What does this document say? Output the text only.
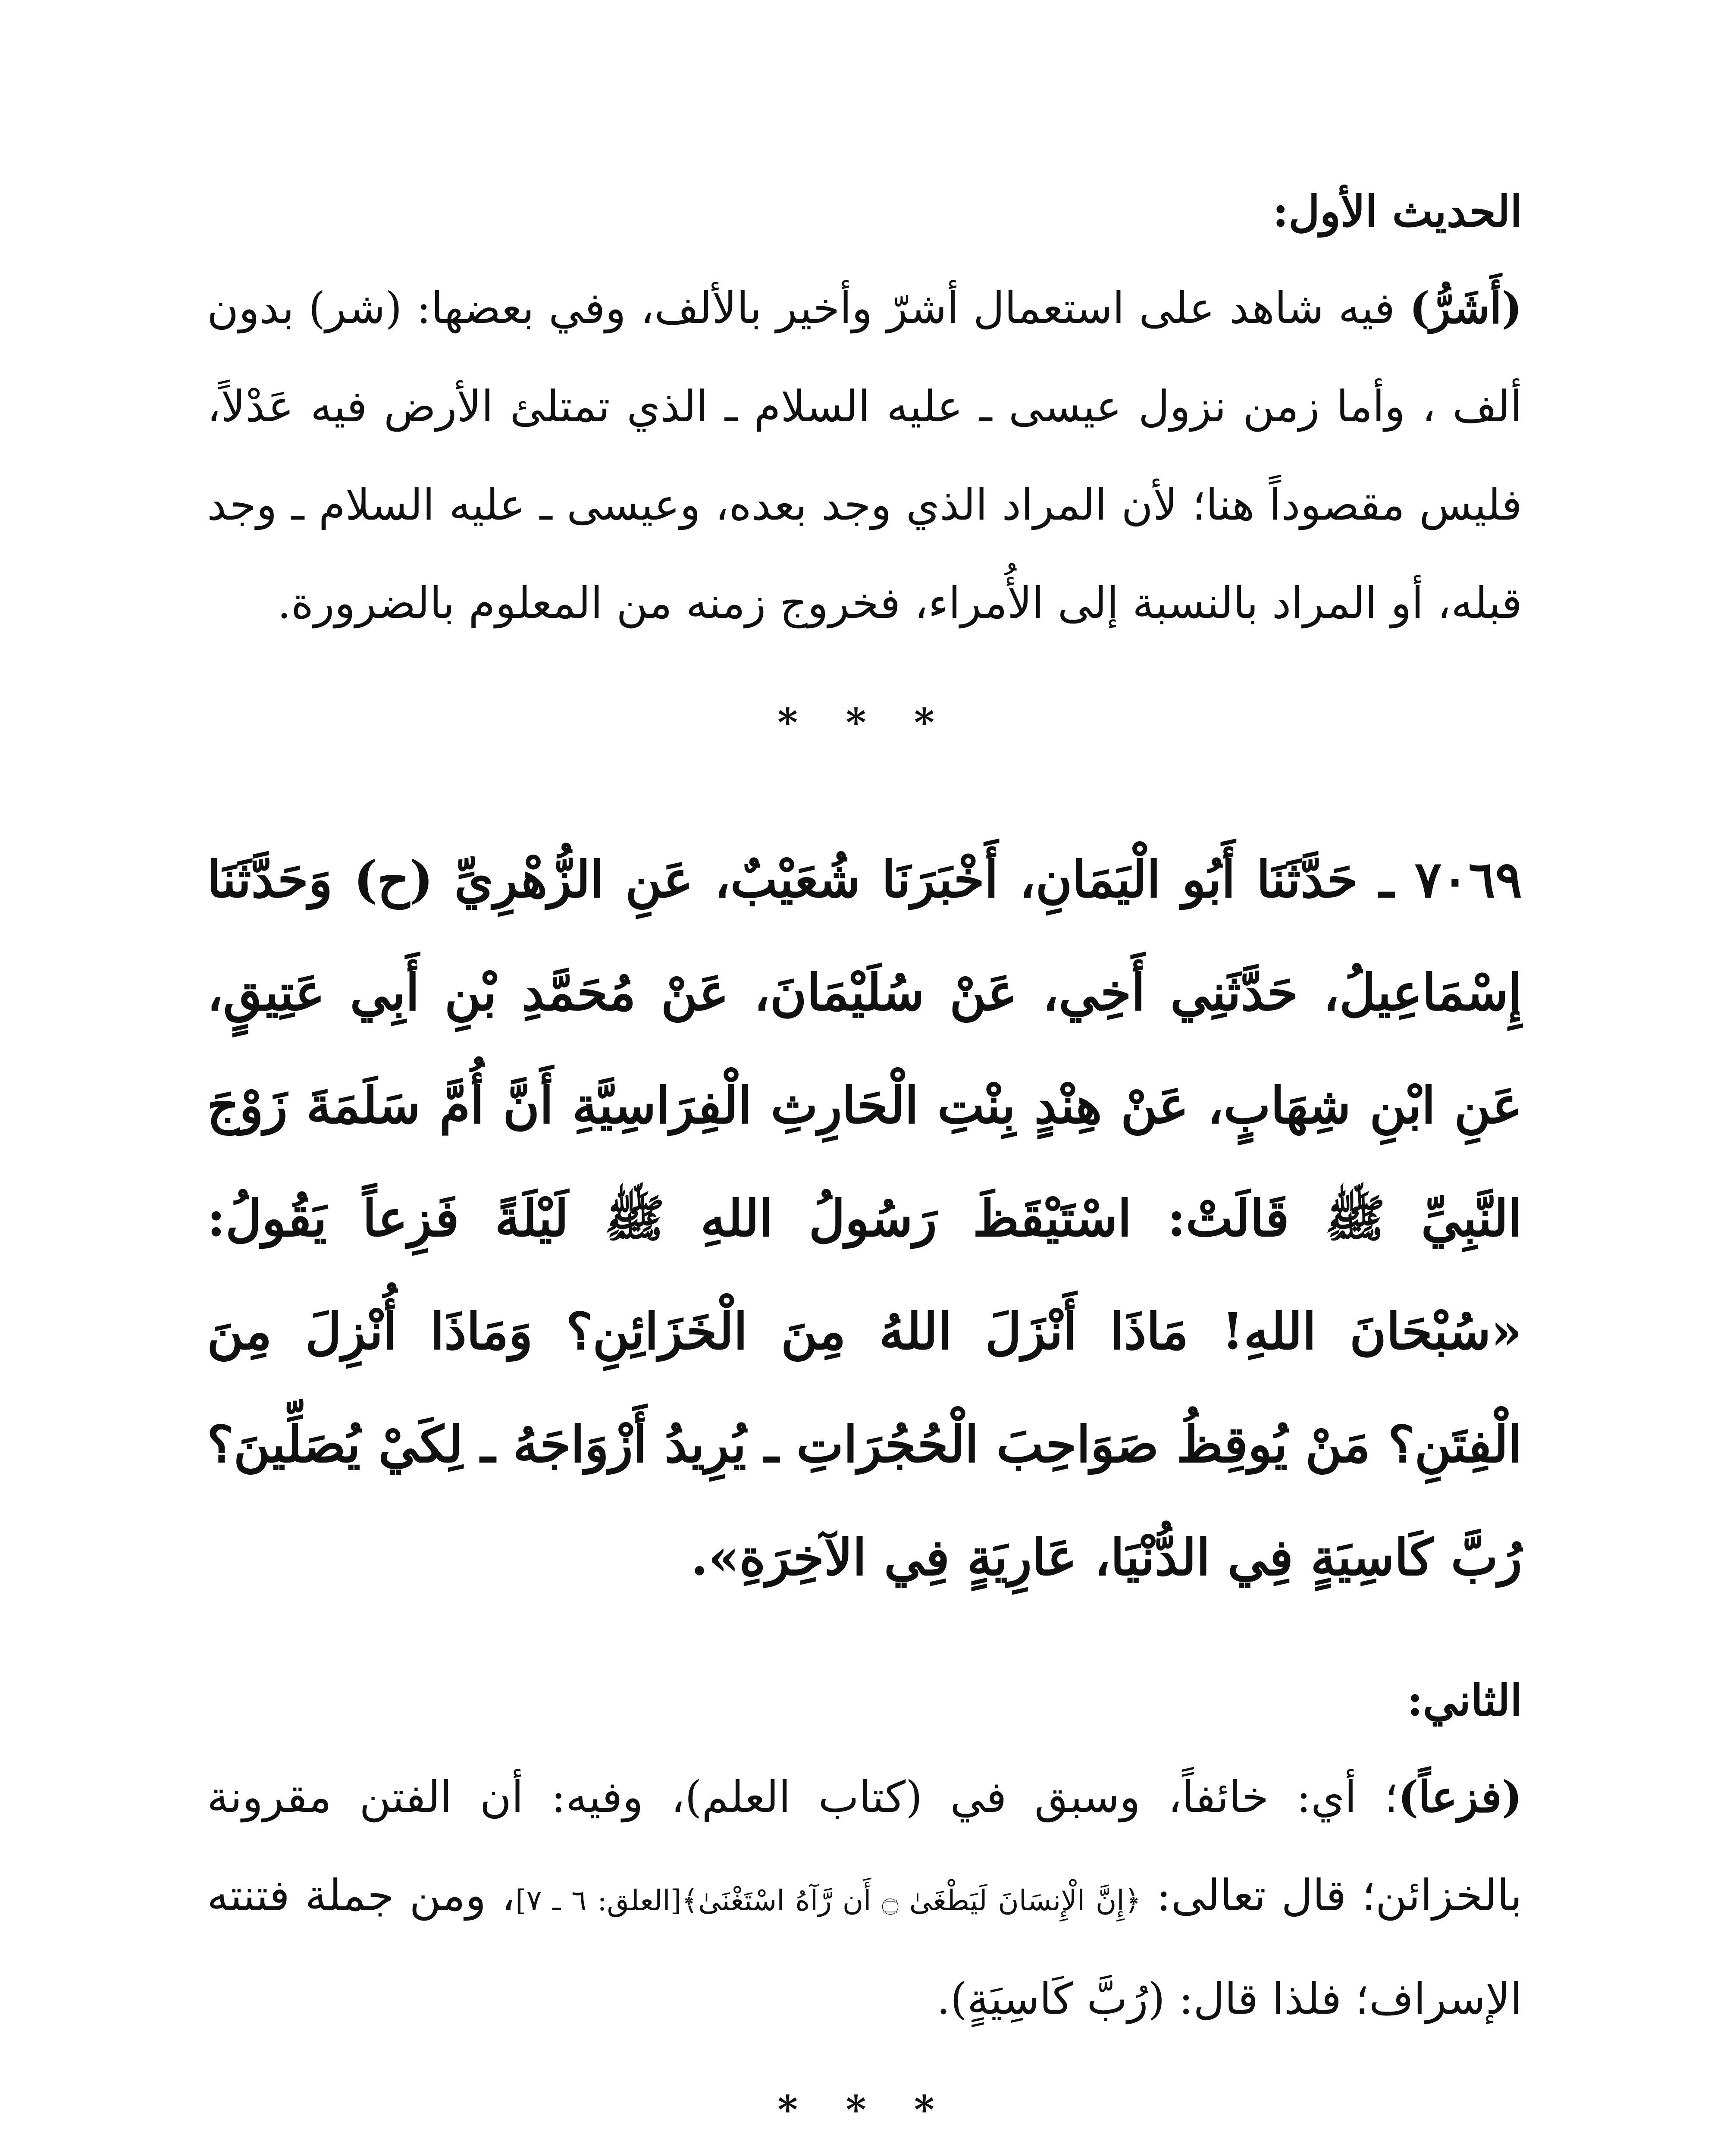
الحديث الأول:

(أَشَرُّ) فيه شاهد على استعمال أشرّ وأخير بالألف، وفي بعضها: (شر) بدون ألف ، وأما زمن نزول عيسى ـ عليه السلام ـ الذي تمتلئ الأرض فيه عَدْلاً، فليس مقصوداً هنا؛ لأن المراد الذي وجد بعده، وعيسى ـ عليه السلام ـ وجد قبله، أو المراد بالنسبة إلى الأُمراء، فخروج زمنه من المعلوم بالضرورة.

* * *

٧٠٦٩ ـ حَدَّثَنَا أَبُو الْيَمَانِ، أَخْبَرَنَا شُعَيْبٌ، عَنِ الزُّهْرِيِّ (ح) وَحَدَّثَنَا إِسْمَاعِيلُ، حَدَّثَنِي أَخِي، عَنْ سُلَيْمَانَ، عَنْ مُحَمَّدِ بْنِ أَبِي عَتِيقٍ، عَنِ ابْنِ شِهَابٍ، عَنْ هِنْدٍ بِنْتِ الْحَارِثِ الْفِرَاسِيَّةِ أَنَّ أُمَّ سَلَمَةَ زَوْجَ النَّبِيِّ ﷺ قَالَتْ: اسْتَيْقَظَ رَسُولُ اللهِ ﷺ لَيْلَةً فَزِعاً يَقُولُ: «سُبْحَانَ اللهِ! مَاذَا أَنْزَلَ اللهُ مِنَ الْخَزَائِنِ؟ وَمَاذَا أُنْزِلَ مِنَ الْفِتَنِ؟ مَنْ يُوقِظُ صَوَاحِبَ الْحُجُرَاتِ ـ يُرِيدُ أَزْوَاجَهُ ـ لِكَيْ يُصَلِّينَ؟ رُبَّ كَاسِيَةٍ فِي الدُّنْيَا، عَارِيَةٍ فِي الآخِرَةِ».

الثاني:

(فزعاً)؛ أي: خائفاً، وسبق في (كتاب العلم)، وفيه: أن الفتن مقرونة بالخزائن؛ قال تعالى: ﴿إِنَّ الْإِنسَانَ لَيَطْغَىٰ ۝ أَن رَّآهُ اسْتَغْنَىٰ﴾[العلق: ٦ ـ ٧]، ومن جملة فتنته الإسراف؛ فلذا قال: (رُبَّ كَاسِيَةٍ).

* * *
